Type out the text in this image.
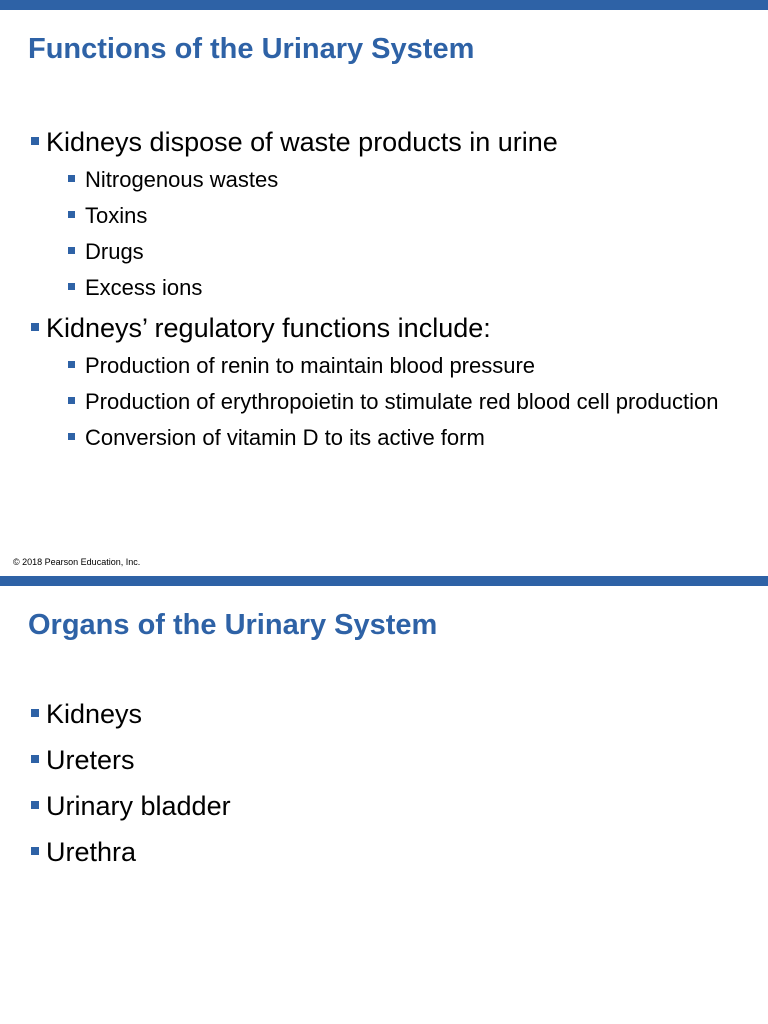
Functions of the Urinary System
Kidneys dispose of waste products in urine
Nitrogenous wastes
Toxins
Drugs
Excess ions
Kidneys’ regulatory functions include:
Production of renin to maintain blood pressure
Production of erythropoietin to stimulate red blood cell production
Conversion of vitamin D to its active form
© 2018 Pearson Education, Inc.
Organs of the Urinary System
Kidneys
Ureters
Urinary bladder
Urethra
